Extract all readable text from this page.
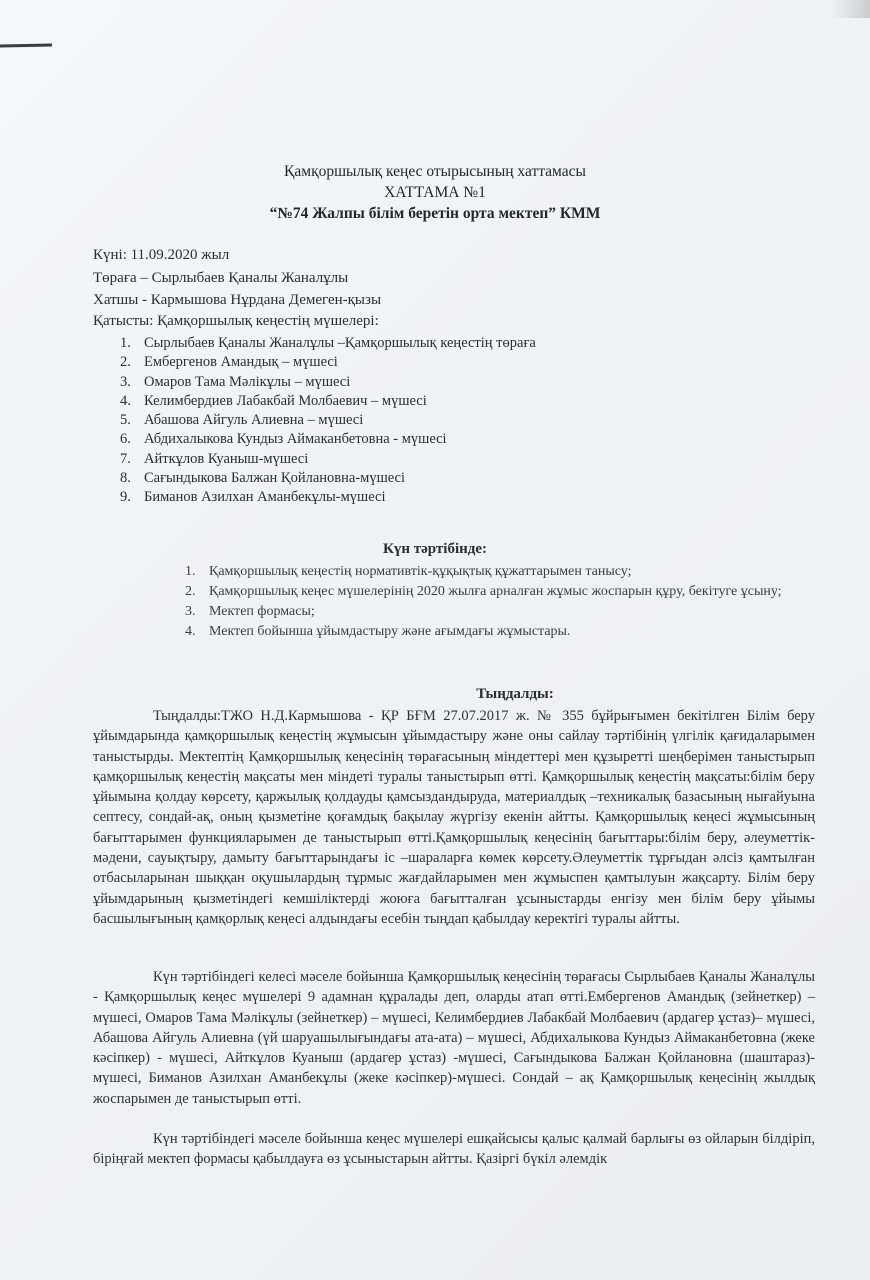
Қамқоршылық кеңес отырысының хаттамасы
ХАТТАМА №1
“№74 Жалпы білім беретін орта мектеп” КММ
Күні: 11.09.2020 жыл
Төраға – Сырлыбаев Қаналы Жаналұлы
Хатшы - Кармышова Нұрдана Демеген-қызы
Қатысты: Қамқоршылық кеңестің мүшелері:
1. Сырлыбаев Қаналы Жаналұлы –Қамқоршылық кеңестің төраға
2. Ембергенов Амандық – мүшесі
3. Омаров Тама Мәлікұлы – мүшесі
4. Келимбердиев Лабакбай Молбаевич – мүшесі
5. Абашова Айгуль Алиевна – мүшесі
6. Абдихалыкова Кундыз Аймаканбетовна - мүшесі
7. Айткұлов Куаныш-мүшесі
8. Сағындыкова Балжан Қойлановна-мүшесі
9. Биманов Азилхан Аманбекұлы-мүшесі
Күн тәртібінде:
1. Қамқоршылық кеңестің нормативтік-құқықтық құжаттарымен танысу;
2. Қамқоршылық кеңес мүшелерінің 2020 жылға арналған жұмыс жоспарын құру, бекітуге ұсыну;
3. Мектеп формасы;
4. Мектеп бойынша ұйымдастыру және ағымдағы жұмыстары.
Тыңдалды:

Тыңдалды:ТЖО Н.Д.Кармышова - ҚР БҒМ 27.07.2017 ж. № 355 бұйрығымен бекітілген Білім беру ұйымдарында қамқоршылық кеңестің жұмысын ұйымдастыру және оны сайлау тәртібінің үлгілік қағидаларымен таныстырды. Мектептің Қамқоршылық кеңесінің төрағасының міндеттері мен құзыретті шеңберімен таныстырып қамқоршылық кеңестің мақсаты мен міндеті туралы таныстырып өтті. Қамқоршылық кеңестің мақсаты:білім беру ұйымына қолдау көрсету, қаржылық қолдауды қамсыздандыруда, материалдық –техникалық базасының нығайуына септесу, сондай-ақ, оның қызметіне қоғамдық бақылау жүргізу екенін айтты. Қамқоршылық кеңесі жұмысының бағыттарымен функцияларымен де таныстырып өтті.Қамқоршылық кеңесінің бағыттары:білім беру, әлеуметтік-мәдени, сауықтыру, дамыту бағыттарындағы іс –шараларға көмек көрсету.Әлеуметтік тұрғыдан әлсіз қамтылған отбасыларынан шыққан оқушылардың тұрмыс жағдайларымен мен жұмыспен қамтылуын жақсарту. Білім беру ұйымдарының қызметіндегі кемшіліктерді жоюға бағытталған ұсыныстарды енгізу мен білім беру ұйымы басшылығының қамқорлық кеңесі алдындағы есебін тыңдап қабылдау керектігі туралы айтты.

Күн тәртібіндегі келесі мәселе бойынша Қамқоршылық кеңесінің төрағасы Сырлыбаев Қаналы Жаналұлы - Қамқоршылық кеңес мүшелері 9 адамнан құралады деп, оларды атап өтті.Ембергенов Амандық (зейнеткер) – мүшесі, Омаров Тама Мәлікұлы (зейнеткер) – мүшесі, Келимбердиев Лабакбай Молбаевич (ардагер ұстаз)– мүшесі, Абашова Айгуль Алиевна (үй шаруашылығындағы ата-ата) – мүшесі, Абдихалыкова Кундыз Аймаканбетовна (жеке кәсіпкер) - мүшесі, Айткұлов Куаныш (ардагер ұстаз) -мүшесі, Сағындыкова Балжан Қойлановна (шаштараз)- мүшесі, Биманов Азилхан Аманбекұлы (жеке кәсіпкер)-мүшесі. Сондай – ақ Қамқоршылық кеңесінің жылдық жоспарымен де таныстырып өтті.

Күн тәртібіндегі мәселе бойынша кеңес мүшелері ешқайсысы қалыс қалмай барлығы өз ойларын білдіріп, біріңғай мектеп формасы қабылдауға өз ұсыныстарын айтты. Қазіргі бүкіл әлемдік
